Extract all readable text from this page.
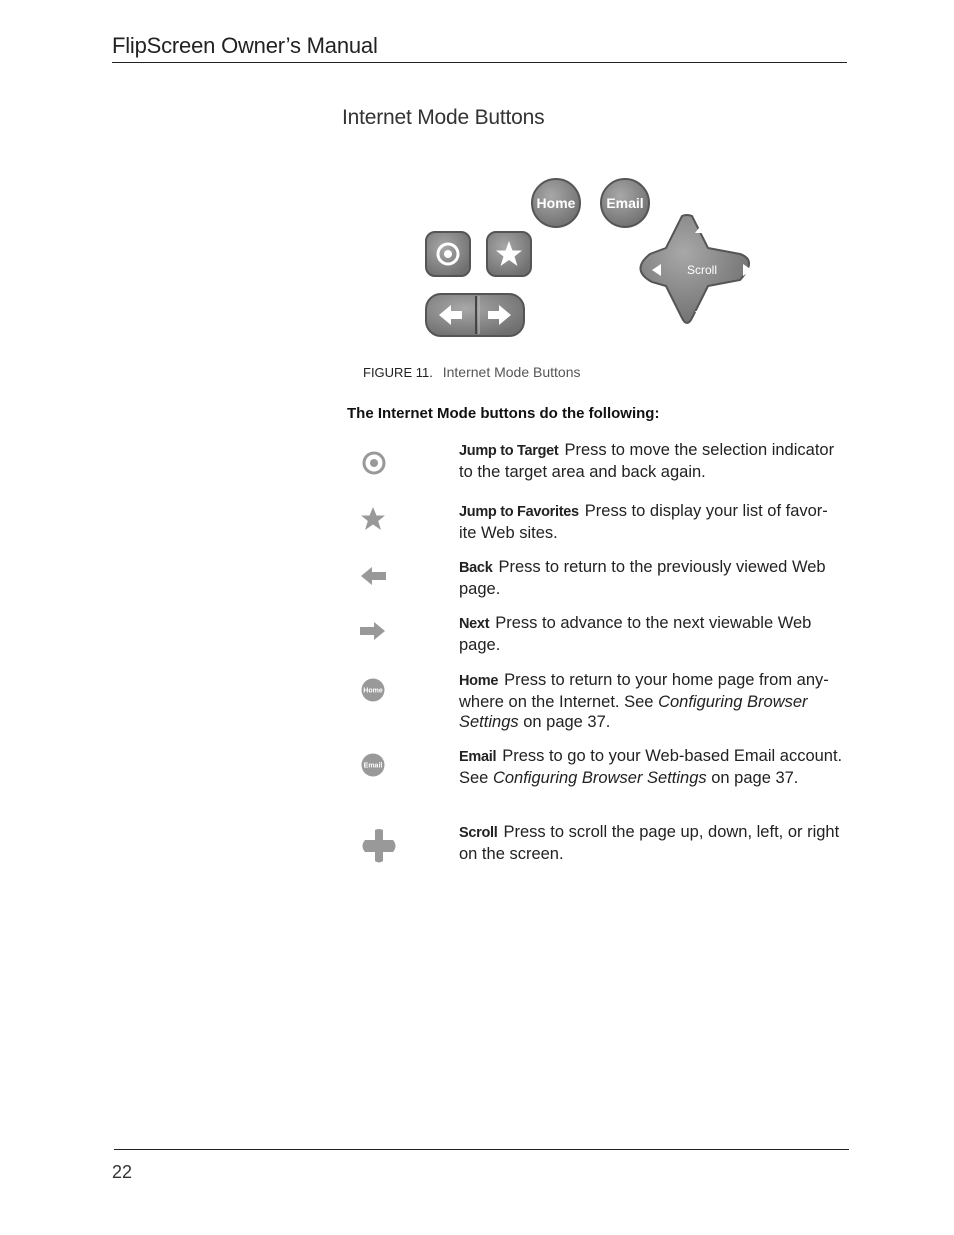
FlipScreen Owner’s Manual
Internet Mode Buttons
Home Email
Scroll
FIGURE 11. Internet Mode Buttons
The Internet Mode buttons do the following:
Home
Email
Jump to Target Press to move the selection indicator to the target area and back again.
Jump to Favorites Press to display your list of favor-ite Web sites.
Back Press to return to the previously viewed Web page.
Next Press to advance to the next viewable Web page.
Home Press to return to your home page from any-where on the Internet. See Configuring Browser Settings on page 37.
Email Press to go to your Web-based Email account. See Configuring Browser Settings on page 37.
Scroll Press to scroll the page up, down, left, or right on the screen.
22
